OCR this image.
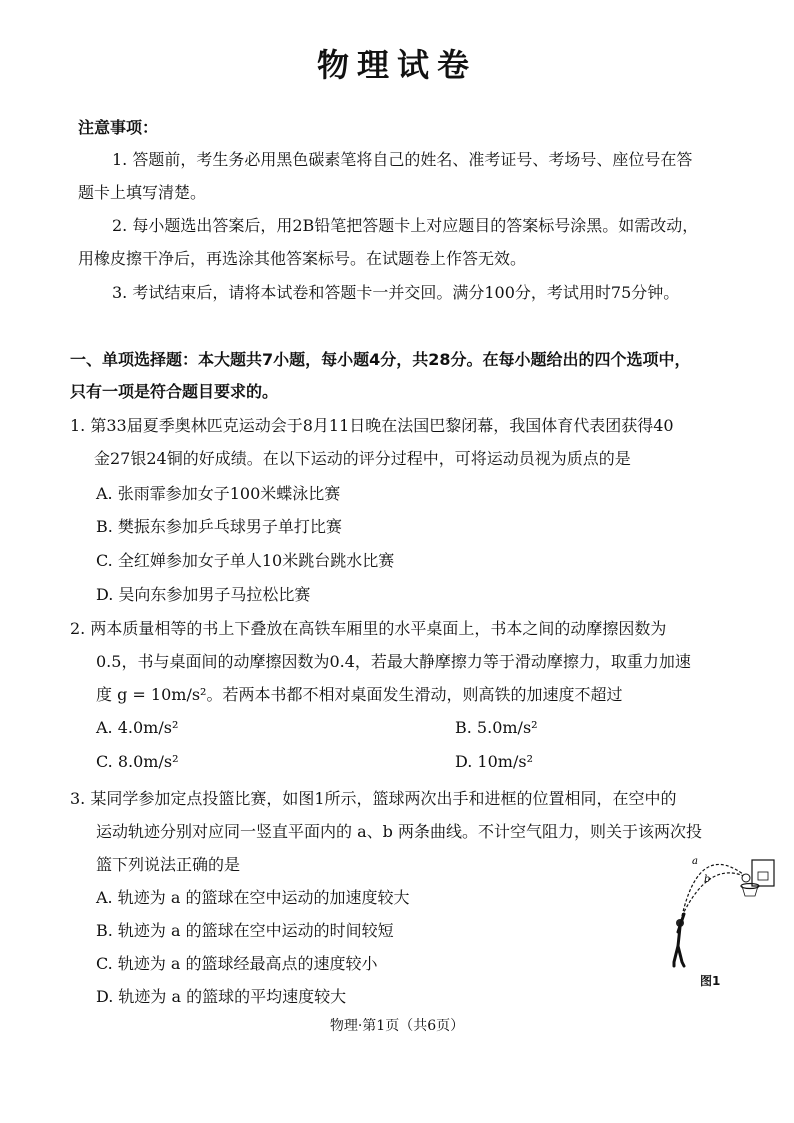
物理试卷
注意事项：
1. 答题前，考生务必用黑色碳素笔将自己的姓名、准考证号、考场号、座位号在答
题卡上填写清楚。
2. 每小题选出答案后，用2B铅笔把答题卡上对应题目的答案标号涂黑。如需改动，
用橡皮擦干净后，再选涂其他答案标号。在试题卷上作答无效。
3. 考试结束后，请将本试卷和答题卡一并交回。满分100分，考试用时75分钟。
一、单项选择题：本大题共7小题，每小题4分，共28分。在每小题给出的四个选项中，
只有一项是符合题目要求的。
1. 第33届夏季奥林匹克运动会于8月11日晚在法国巴黎闭幕，我国体育代表团获得40
金27银24铜的好成绩。在以下运动的评分过程中，可将运动员视为质点的是
A. 张雨霏参加女子100米蝶泳比赛
B. 樊振东参加乒乓球男子单打比赛
C. 全红婵参加女子单人10米跳台跳水比赛
D. 吴向东参加男子马拉松比赛
2. 两本质量相等的书上下叠放在高铁车厢里的水平桌面上，书本之间的动摩擦因数为
0.5，书与桌面间的动摩擦因数为0.4，若最大静摩擦力等于滑动摩擦力，取重力加速
度 g = 10m/s²。若两本书都不相对桌面发生滑动，则高铁的加速度不超过
A. 4.0m/s²	B. 5.0m/s²
C. 8.0m/s²	D. 10m/s²
3. 某同学参加定点投篮比赛，如图1所示，篮球两次出手和进框的位置相同，在空中的
运动轨迹分别对应同一竖直平面内的 a、b 两条曲线。不计空气阻力，则关于该两次投
篮下列说法正确的是
A. 轨迹为 a 的篮球在空中运动的加速度较大
B. 轨迹为 a 的篮球在空中运动的时间较短
C. 轨迹为 a 的篮球经最高点的速度较小
D. 轨迹为 a 的篮球的平均速度较大
a
b
图1
物理·第1页（共6页）
